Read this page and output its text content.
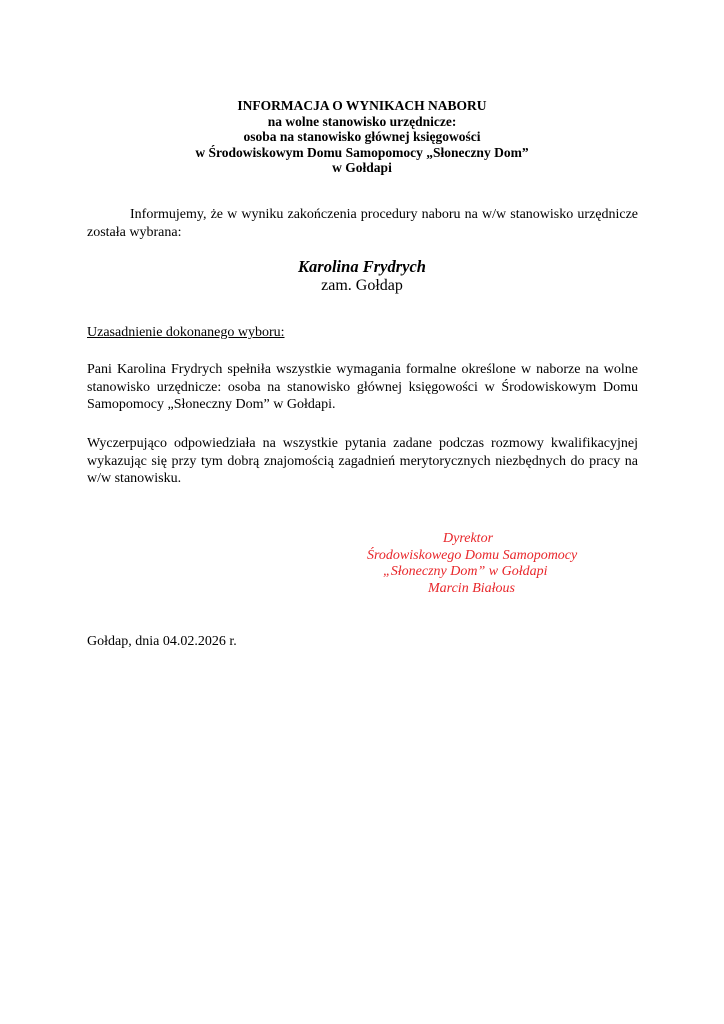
INFORMACJA O WYNIKACH NABORU
na wolne stanowisko urzędnicze:
osoba na stanowisko głównej księgowości
w Środowiskowym Domu Samopomocy „Słoneczny Dom”
w Gołdapi
Informujemy, że w wyniku zakończenia procedury naboru na w/w stanowisko urzędnicze została wybrana:
Karolina Frydrych
zam. Gołdap
Uzasadnienie dokonanego wyboru:
Pani Karolina Frydrych spełniła wszystkie wymagania formalne określone w naborze na wolne stanowisko urzędnicze: osoba na stanowisko głównej księgowości w Środowiskowym Domu Samopomocy „Słoneczny Dom” w Gołdapi.
Wyczerpująco odpowiedziała na wszystkie pytania zadane podczas rozmowy kwalifikacyjnej wykazując się przy tym dobrą znajomością zagadnień merytorycznych niezbędnych do pracy na w/w stanowisku.
Dyrektor
Środowiskowego Domu Samopomocy
„Słoneczny Dom” w Gołdapi
Marcin Białous
Gołdap, dnia 04.02.2026 r.
